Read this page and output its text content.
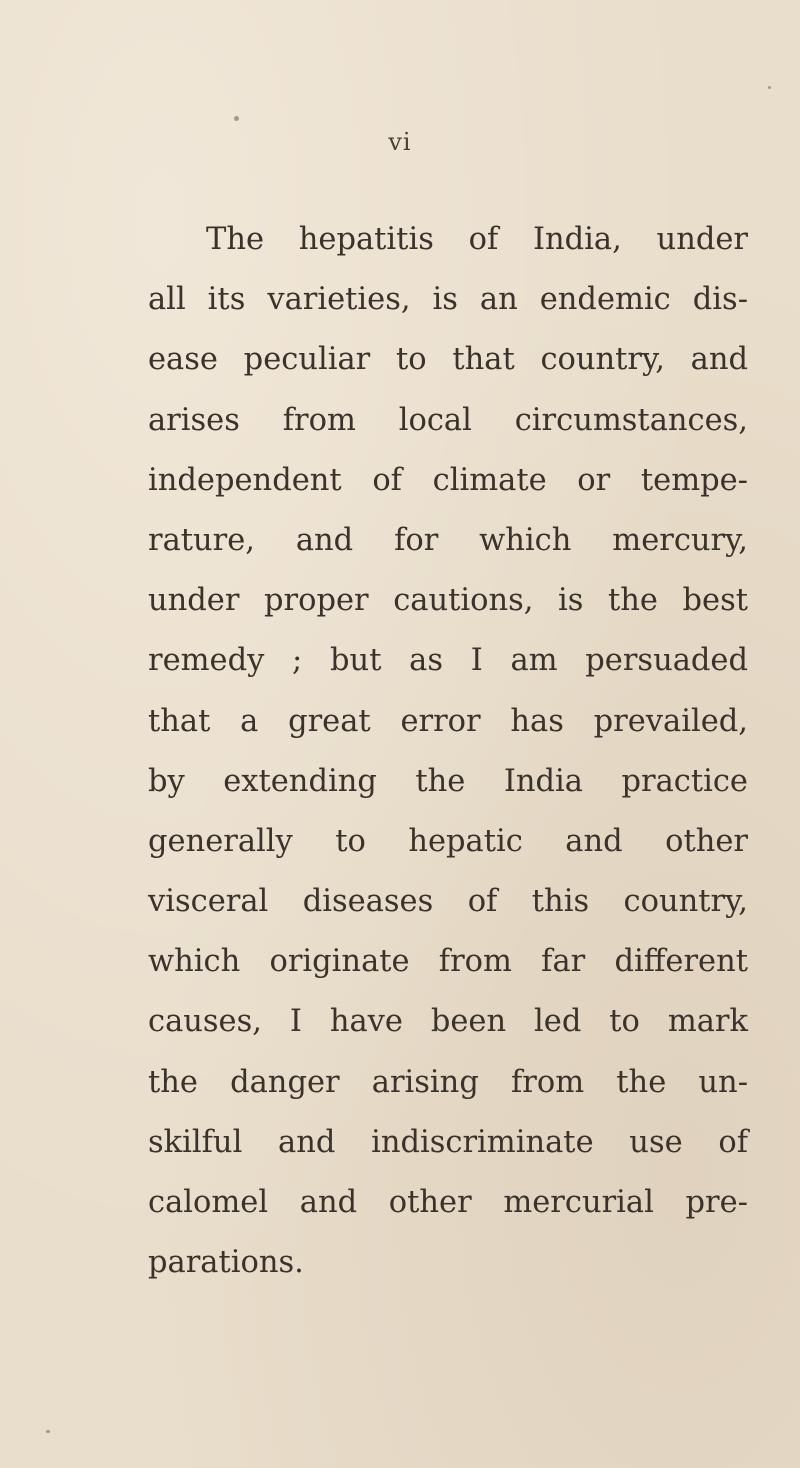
vi
The hepatitis of India, under
all its varieties, is an endemic dis-
ease peculiar to that country, and
arises from local circumstances,
independent of climate or tempe-
rature, and for which mercury,
under proper cautions, is the best
remedy ; but as I am persuaded
that a great error has prevailed,
by extending the India practice
generally to hepatic and other
visceral diseases of this country,
which originate from far different
causes, I have been led to mark
the danger arising from the un-
skilful and indiscriminate use of
calomel and other mercurial pre-
parations.
